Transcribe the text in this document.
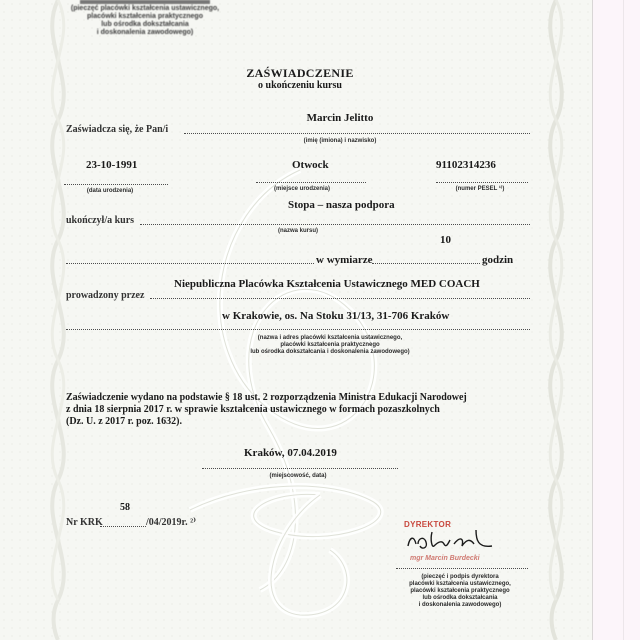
(pieczęć placówki kształcenia ustawicznego,
placówki kształcenia praktycznego
lub ośrodka dokształcania
i doskonalenia zawodowego)
ZAŚWIADCZENIE
o ukończeniu kursu
Marcin Jelitto
Zaświadcza się, że Pan/i
(imię (imiona) i nazwisko)
23-10-1991
(data urodzenia)
Otwock
(miejsce urodzenia)
91102314236
(numer PESEL ¹⁾)
Stopa – nasza podpora
ukończył/a kurs
(nazwa kursu)
10
w wymiarze	godzin
Niepubliczna Placówka Kształcenia Ustawicznego MED COACH
prowadzony przez
w Krakowie, os. Na Stoku 31/13, 31-706 Kraków
(nazwa i adres placówki kształcenia ustawicznego,
placówki kształcenia praktycznego
lub ośrodka dokształcania i doskonalenia zawodowego)
Zaświadczenie wydano na podstawie § 18 ust. 2 rozporządzenia Ministra Edukacji Narodowej
z dnia 18 sierpnia 2017 r. w sprawie kształcenia ustawicznego w formach pozaszkolnych
(Dz. U. z 2017 r. poz. 1632).
Kraków, 07.04.2019
(miejscowość, data)
58
Nr KRK	/04/2019r. ²⁾	DYREKTOR
mgr Marcin Burdecki
(pieczęć i podpis dyrektora
placówki kształcenia ustawicznego,
placówki kształcenia praktycznego
lub ośrodka dokształcania
i doskonalenia zawodowego)
